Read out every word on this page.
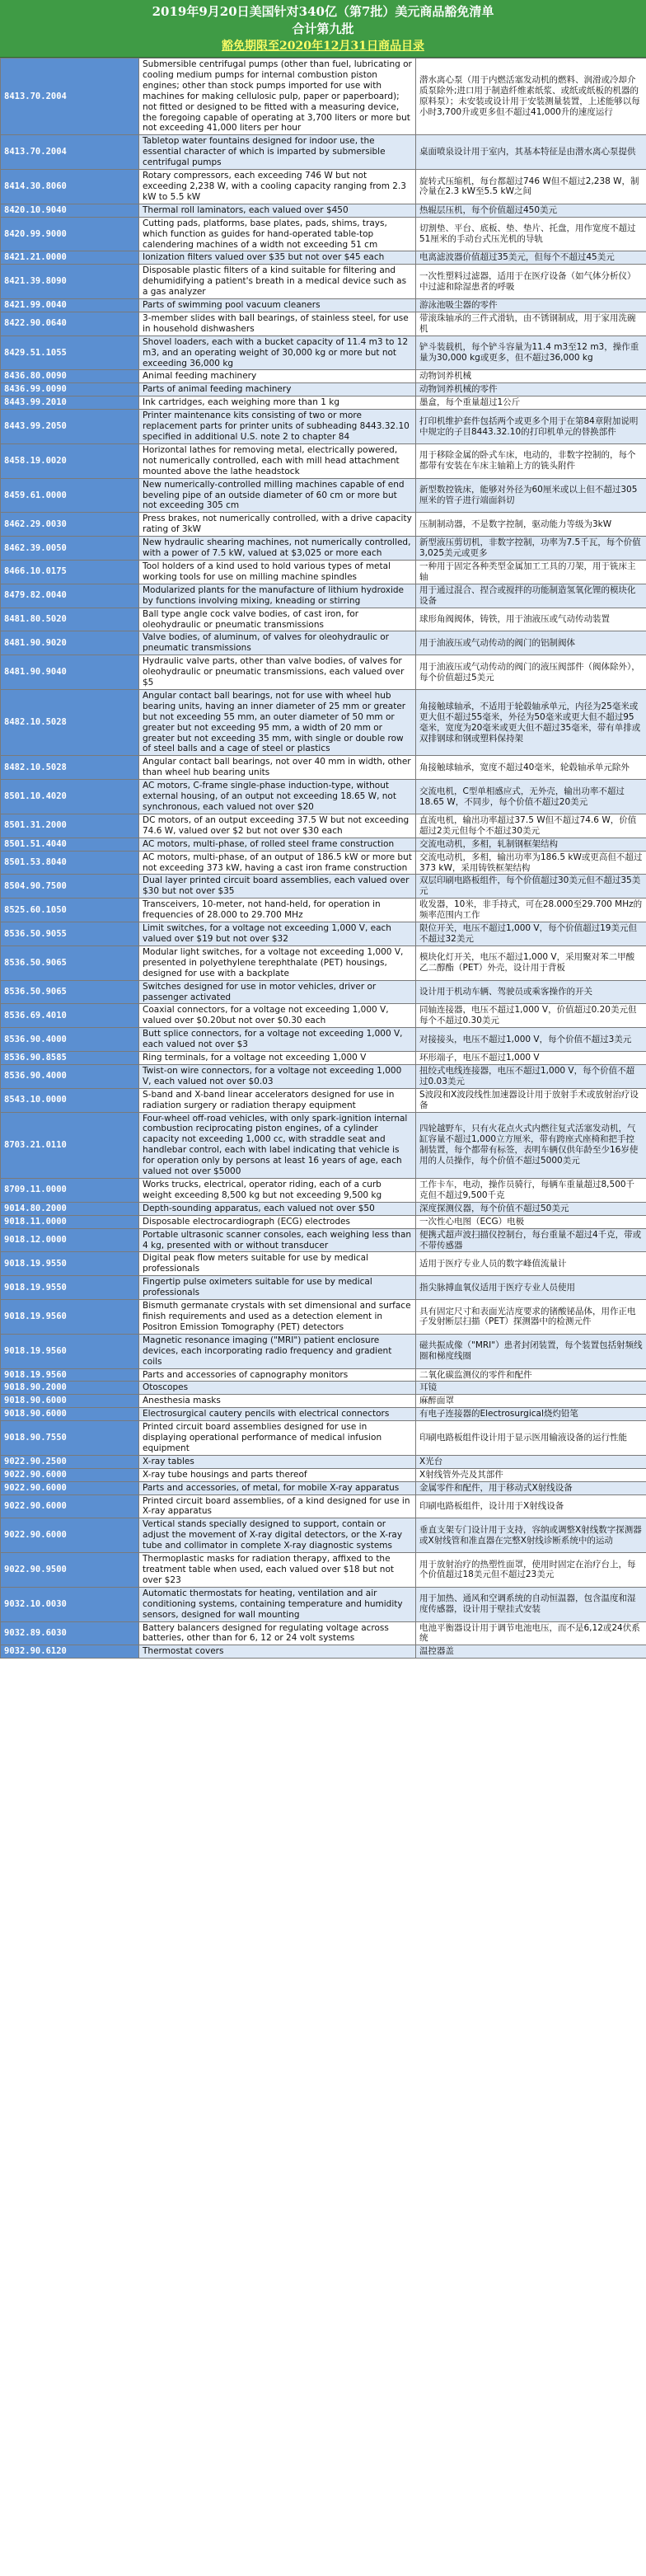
2019年9月20日美国针对340亿（第7批）美元商品豁免清单
合计第九批
豁免期限至2020年12月31日商品目录
8413.70.2004	Submersible centrifugal pumps (other than fuel, lubricating or cooling medium pumps for internal combustion piston engines; other than stock pumps imported for use with machines for making cellulosic pulp, paper or paperboard); not fitted or designed to be fitted with a measuring device, the foregoing capable of operating at 3,700 liters or more but not exceeding 41,000 liters per hour	潜水离心泵（用于内燃活塞发动机的燃料、润滑或冷却介质泵除外;进口用于制造纤维素纸浆、或纸或纸板的机器的原料泵）；未安装或设计用于安装测量装置，上述能够以每小时3,700升或更多但不超过41,000升的速度运行
8413.70.2004	Tabletop water fountains designed for indoor use, the essential character of which is imparted by submersible centrifugal pumps	桌面喷泉设计用于室内，其基本特征是由潜水离心泵提供
8414.30.8060	Rotary compressors, each exceeding 746 W but not exceeding 2,238 W, with a cooling capacity ranging from 2.3 kW to 5.5 kW	旋转式压缩机，每台都超过746 W但不超过2,238 W，制冷量在2.3 kW至5.5 kW之间
8420.10.9040	Thermal roll laminators, each valued over $450	热辊层压机，每个价值超过450美元
8420.99.9000	Cutting pads, platforms, base plates, pads, shims, trays, which function as guides for hand-operated table-top calendering machines of a width not exceeding 51 cm	切割垫、平台、底板、垫、垫片、托盘，用作宽度不超过51厘米的手动台式压光机的导轨
8421.21.0000	Ionization filters valued over $35 but not over $45 each	电离滤波器价值超过35美元，但每个不超过45美元
8421.39.8090	Disposable plastic filters of a kind suitable for filtering and dehumidifying a patient's breath in a medical device such as a gas analyzer	一次性塑料过滤器，适用于在医疗设备（如气体分析仪）中过滤和除湿患者的呼吸
8421.99.0040	Parts of swimming pool vacuum cleaners	游泳池吸尘器的零件
8422.90.0640	3-member slides with ball bearings, of stainless steel, for use in household dishwashers	带滚珠轴承的三件式滑轨，由不锈钢制成，用于家用洗碗机
8429.51.1055	Shovel loaders, each with a bucket capacity of 11.4 m3 to 12 m3, and an operating weight of 30,000 kg or more but not exceeding 36,000 kg	铲斗装载机，每个铲斗容量为11.4 m3至12 m3，操作重量为30,000 kg或更多，但不超过36,000 kg
8436.80.0090	Animal feeding machinery	动物饲养机械
8436.99.0090	Parts of animal feeding machinery	动物饲养机械的零件
8443.99.2010	Ink cartridges, each weighing more than 1 kg	墨盒，每个重量超过1公斤
8443.99.2050	Printer maintenance kits consisting of two or more replacement parts for printer units of subheading 8443.32.10 specified in additional U.S. note 2 to chapter 84	打印机维护套件包括两个或更多个用于在第84章附加说明中规定的子目8443.32.10的打印机单元的替换部件
8458.19.0020	Horizontal lathes for removing metal, electrically powered, not numerically controlled, each with mill head attachment mounted above the lathe headstock	用于移除金属的卧式车床，电动的，非数字控制的，每个都带有安装在车床主轴箱上方的铣头附件
8459.61.0000	New numerically-controlled milling machines capable of end beveling pipe of an outside diameter of 60 cm or more but not exceeding 305 cm	新型数控铣床，能够对外径为60厘米或以上但不超过305厘米的管子进行端面斜切
8462.29.0030	Press brakes, not numerically controlled, with a drive capacity rating of 3kW	压制制动器，不是数字控制，驱动能力等级为3kW
8462.39.0050	New hydraulic shearing machines, not numerically controlled, with a power of 7.5 kW, valued at $3,025 or more each	新型液压剪切机，非数字控制，功率为7.5千瓦，每个价值3,025美元或更多
8466.10.0175	Tool holders of a kind used to hold various types of metal working tools for use on milling machine spindles	一种用于固定各种类型金属加工工具的刀架，用于铣床主轴
8479.82.0040	Modularized plants for the manufacture of lithium hydroxide by functions involving mixing, kneading or stirring	用于通过混合、捏合或搅拌的功能制造氢氧化锂的模块化设备
8481.80.5020	Ball type angle cock valve bodies, of cast iron, for oleohydraulic or pneumatic transmissions	球形角阀阀体，铸铁，用于油液压或气动传动装置
8481.90.9020	Valve bodies, of aluminum, of valves for oleohydraulic or pneumatic transmissions	用于油液压或气动传动的阀门的铝制阀体
8481.90.9040	Hydraulic valve parts, other than valve bodies, of valves for oleohydraulic or pneumatic transmissions, each valued over $5	用于油液压或气动传动的阀门的液压阀部件（阀体除外），每个价值超过5美元
8482.10.5028	Angular contact ball bearings, not for use with wheel hub bearing units, having an inner diameter of 25 mm or greater but not exceeding 55 mm, an outer diameter of 50 mm or greater but not exceeding 95 mm, a width of 20 mm or greater but not exceeding 35 mm, with single or double row of steel balls and a cage of steel or plastics	角接触球轴承，不适用于轮毂轴承单元，内径为25毫米或更大但不超过55毫米，外径为50毫米或更大但不超过95毫米，宽度为20毫米或更大但不超过35毫米，带有单排或双排钢球和钢或塑料保持架
8482.10.5028	Angular contact ball bearings, not over 40 mm in width, other than wheel hub bearing units	角接触球轴承，宽度不超过40毫米，轮毂轴承单元除外
8501.10.4020	AC motors, C-frame single-phase induction-type, without external housing, of an output not exceeding 18.65 W, not synchronous, each valued not over $20	交流电机，C型单相感应式，无外壳，输出功率不超过18.65 W，不同步，每个价值不超过20美元
8501.31.2000	DC motors, of an output exceeding 37.5 W but not exceeding 74.6 W, valued over $2 but not over $30 each	直流电机，输出功率超过37.5 W但不超过74.6 W，价值超过2美元但每个不超过30美元
8501.51.4040	AC motors, multi-phase, of rolled steel frame construction	交流电动机，多相，轧制钢框架结构
8501.53.8040	AC motors, multi-phase, of an output of 186.5 kW or more but not exceeding 373 kW, having a cast iron frame construction	交流电动机，多相，输出功率为186.5 kW或更高但不超过373 kW，采用铸铁框架结构
8504.90.7500	Dual layer printed circuit board assemblies, each valued over $30 but not over $35	双层印刷电路板组件，每个价值超过30美元但不超过35美元
8525.60.1050	Transceivers, 10-meter, not hand-held, for operation in frequencies of 28.000 to 29.700 MHz	收发器，10米，非手持式，可在28.000至29.700 MHz的频率范围内工作
8536.50.9055	Limit switches, for a voltage not exceeding 1,000 V, each valued over $19 but not over $32	限位开关，电压不超过1,000 V，每个价值超过19美元但不超过32美元
8536.50.9065	Modular light switches, for a voltage not exceeding 1,000 V, presented in polyethylene terephthalate (PET) housings, designed for use with a backplate	模块化灯开关，电压不超过1,000 V，采用聚对苯二甲酸乙二醇酯（PET）外壳，设计用于背板
8536.50.9065	Switches designed for use in motor vehicles, driver or passenger activated	设计用于机动车辆、驾驶员或乘客操作的开关
8536.69.4010	Coaxial connectors, for a voltage not exceeding 1,000 V, valued over $0.20but not over $0.30 each	同轴连接器，电压不超过1,000 V，价值超过0.20美元但每个不超过0.30美元
8536.90.4000	Butt splice connectors, for a voltage not exceeding 1,000 V, each valued not over $3	对接接头，电压不超过1,000 V，每个价值不超过3美元
8536.90.8585	Ring terminals, for a voltage not exceeding 1,000 V	环形端子，电压不超过1,000 V
8536.90.4000	Twist-on wire connectors, for a voltage not exceeding 1,000 V, each valued not over $0.03	扭绞式电线连接器，电压不超过1,000 V，每个价值不超过0.03美元
8543.10.0000	S-band and X-band linear accelerators designed for use in radiation surgery or radiation therapy equipment	S波段和X波段线性加速器设计用于放射手术或放射治疗设备
8703.21.0110	Four-wheel off-road vehicles, with only spark-ignition internal combustion reciprocating piston engines, of a cylinder capacity not exceeding 1,000 cc, with straddle seat and handlebar control, each with label indicating that vehicle is for operation only by persons at least 16 years of age, each valued not over $5000	四轮越野车，只有火花点火式内燃往复式活塞发动机，气缸容量不超过1,000立方厘米，带有跨座式座椅和把手控制装置，每个都带有标签，表明车辆仅供年龄至少16岁使用的人员操作，每个价值不超过5000美元
8709.11.0000	Works trucks, electrical, operator riding, each of a curb weight exceeding 8,500 kg but not exceeding 9,500 kg	工作卡车，电动，操作员骑行，每辆车重量超过8,500千克但不超过9,500千克
9014.80.2000	Depth-sounding apparatus, each valued not over $50	深度探测仪器，每个价值不超过50美元
9018.11.0000	Disposable electrocardiograph (ECG) electrodes	一次性心电图（ECG）电极
9018.12.0000	Portable ultrasonic scanner consoles, each weighing less than 4 kg, presented with or without transducer	便携式超声波扫描仪控制台，每台重量不超过4千克，带或不带传感器
9018.19.9550	Digital peak flow meters suitable for use by medical professionals	适用于医疗专业人员的数字峰值流量计
9018.19.9550	Fingertip pulse oximeters suitable for use by medical professionals	指尖脉搏血氧仪适用于医疗专业人员使用
9018.19.9560	Bismuth germanate crystals with set dimensional and surface finish requirements and used as a detection element in Positron Emission Tomography (PET) detectors	具有固定尺寸和表面光洁度要求的锗酸铋晶体，用作正电子发射断层扫描（PET）探测器中的检测元件
9018.19.9560	Magnetic resonance imaging ("MRI") patient enclosure devices, each incorporating radio frequency and gradient coils	磁共振成像（"MRI"）患者封闭装置，每个装置包括射频线圈和梯度线圈
9018.19.9560	Parts and accessories of capnography monitors	二氧化碳监测仪的零件和配件
9018.90.2000	Otoscopes	耳镜
9018.90.6000	Anesthesia masks	麻醉面罩
9018.90.6000	Electrosurgical cautery pencils with electrical connectors	有电子连接器的Electrosurgical烧灼铅笔
9018.90.7550	Printed circuit board assemblies designed for use in displaying operational performance of medical infusion equipment	印刷电路板组件设计用于显示医用输液设备的运行性能
9022.90.2500	X-ray tables	X光台
9022.90.6000	X-ray tube housings and parts thereof	X射线管外壳及其部件
9022.90.6000	Parts and accessories, of metal, for mobile X-ray apparatus	金属零件和配件，用于移动式X射线设备
9022.90.6000	Printed circuit board assemblies, of a kind designed for use in X-ray apparatus	印刷电路板组件，设计用于X射线设备
9022.90.6000	Vertical stands specially designed to support, contain or adjust the movement of X-ray digital detectors, or the X-ray tube and collimator in complete X-ray diagnostic systems	垂直支架专门设计用于支持，容纳或调整X射线数字探测器或X射线管和准直器在完整X射线诊断系统中的运动
9022.90.9500	Thermoplastic masks for radiation therapy, affixed to the treatment table when used, each valued over $18 but not over $23	用于放射治疗的热塑性面罩，使用时固定在治疗台上，每个价值超过18美元但不超过23美元
9032.10.0030	Automatic thermostats for heating, ventilation and air conditioning systems, containing temperature and humidity sensors, designed for wall mounting	用于加热、通风和空调系统的自动恒温器，包含温度和湿度传感器，设计用于壁挂式安装
9032.89.6030	Battery balancers designed for regulating voltage across batteries, other than for 6, 12 or 24 volt systems	电池平衡器设计用于调节电池电压，而不是6,12或24伏系统
9032.90.6120	Thermostat covers	温控器盖
